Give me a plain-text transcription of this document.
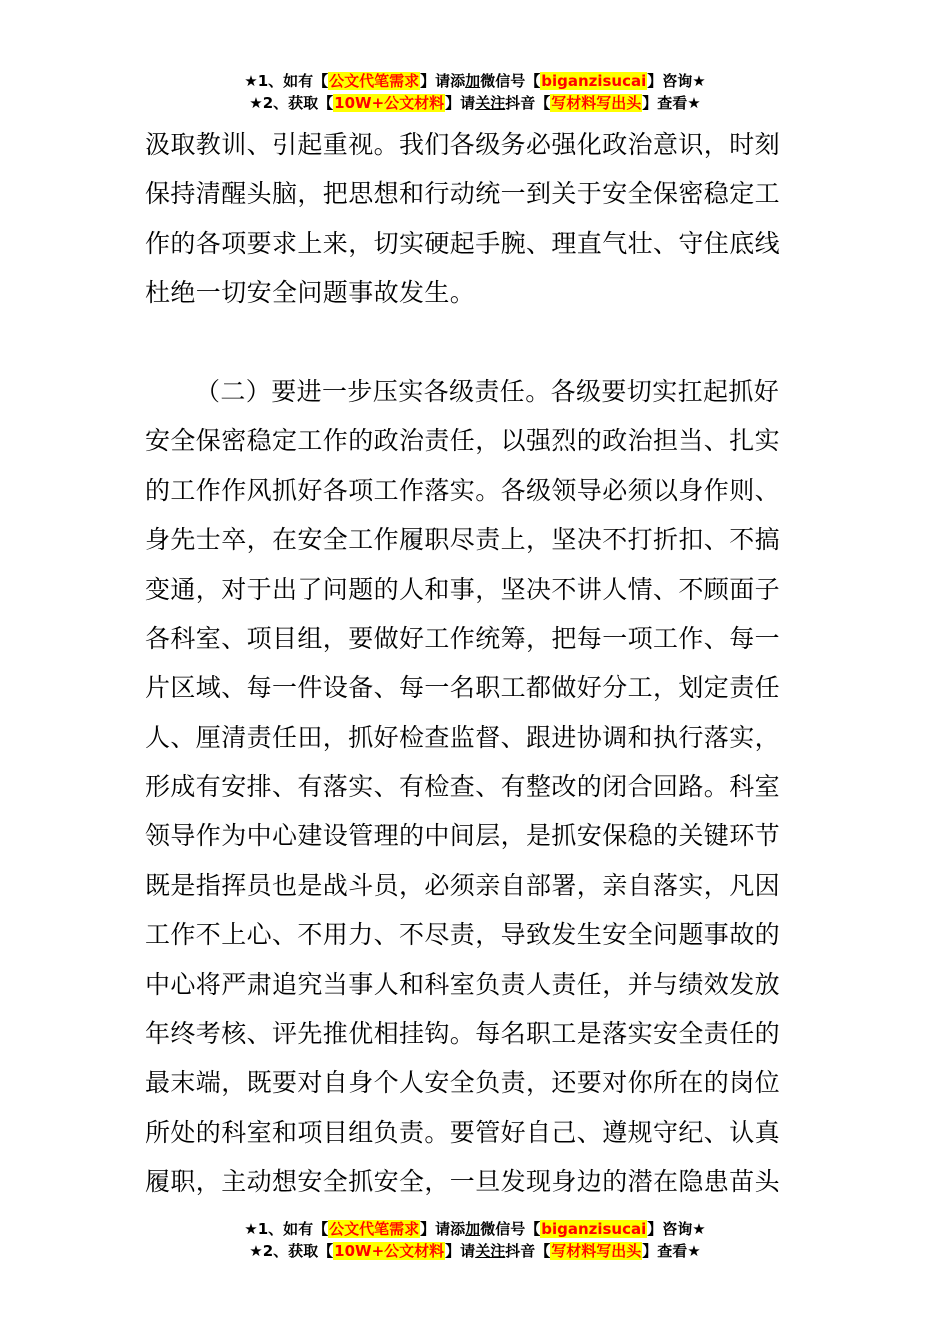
★1、如有【公文代笔需求】请添加微信号【biganzisucai】咨询★
★2、获取【10W+公文材料】请关注抖音【写材料写出头】查看★
汲取教训、引起重视。我们各级务必强化政治意识，时刻
保持清醒头脑，把思想和行动统一到关于安全保密稳定工
作的各项要求上来，切实硬起手腕、理直气壮、守住底线
杜绝一切安全问题事故发生。
（二）要进一步压实各级责任。各级要切实扛起抓好
安全保密稳定工作的政治责任，以强烈的政治担当、扎实
的工作作风抓好各项工作落实。各级领导必须以身作则、
身先士卒，在安全工作履职尽责上，坚决不打折扣、不搞
变通，对于出了问题的人和事，坚决不讲人情、不顾面子
各科室、项目组，要做好工作统筹，把每一项工作、每一
片区域、每一件设备、每一名职工都做好分工，划定责任
人、厘清责任田，抓好检查监督、跟进协调和执行落实，
形成有安排、有落实、有检查、有整改的闭合回路。科室
领导作为中心建设管理的中间层，是抓安保稳的关键环节
既是指挥员也是战斗员，必须亲自部署，亲自落实，凡因
工作不上心、不用力、不尽责，导致发生安全问题事故的
中心将严肃追究当事人和科室负责人责任，并与绩效发放
年终考核、评先推优相挂钩。每名职工是落实安全责任的
最末端，既要对自身个人安全负责，还要对你所在的岗位
所处的科室和项目组负责。要管好自己、遵规守纪、认真
履职，主动想安全抓安全，一旦发现身边的潜在隐患苗头
★1、如有【公文代笔需求】请添加微信号【biganzisucai】咨询★
★2、获取【10W+公文材料】请关注抖音【写材料写出头】查看★
